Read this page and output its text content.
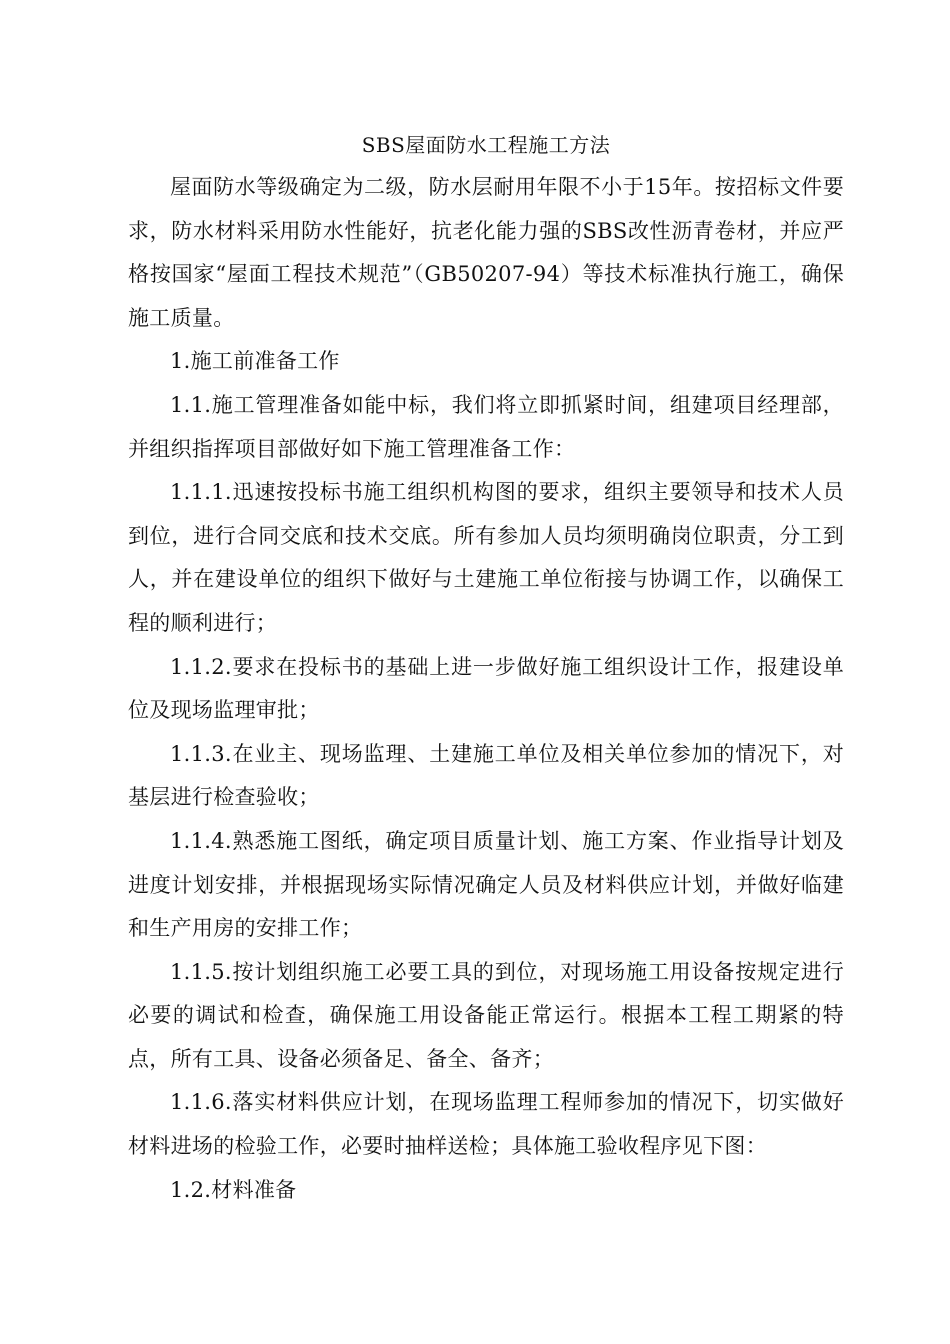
SBS屋面防水工程施工方法

屋面防水等级确定为二级，防水层耐用年限不小于15年。按招标文件要求，防水材料采用防水性能好，抗老化能力强的SBS改性沥青卷材，并应严格按国家“屋面工程技术规范”（GB50207-94）等技术标准执行施工，确保施工质量。

1.施工前准备工作

1.1.施工管理准备如能中标，我们将立即抓紧时间，组建项目经理部，并组织指挥项目部做好如下施工管理准备工作：

1.1.1.迅速按投标书施工组织机构图的要求，组织主要领导和技术人员到位，进行合同交底和技术交底。所有参加人员均须明确岗位职责，分工到人，并在建设单位的组织下做好与土建施工单位衔接与协调工作，以确保工程的顺利进行；

1.1.2.要求在投标书的基础上进一步做好施工组织设计工作，报建设单位及现场监理审批；

1.1.3.在业主、现场监理、土建施工单位及相关单位参加的情况下，对基层进行检查验收；

1.1.4.熟悉施工图纸，确定项目质量计划、施工方案、作业指导计划及进度计划安排，并根据现场实际情况确定人员及材料供应计划，并做好临建和生产用房的安排工作；

1.1.5.按计划组织施工必要工具的到位，对现场施工用设备按规定进行必要的调试和检查，确保施工用设备能正常运行。根据本工程工期紧的特点，所有工具、设备必须备足、备全、备齐；

1.1.6.落实材料供应计划，在现场监理工程师参加的情况下，切实做好材料进场的检验工作，必要时抽样送检；具体施工验收程序见下图：

1.2.材料准备
